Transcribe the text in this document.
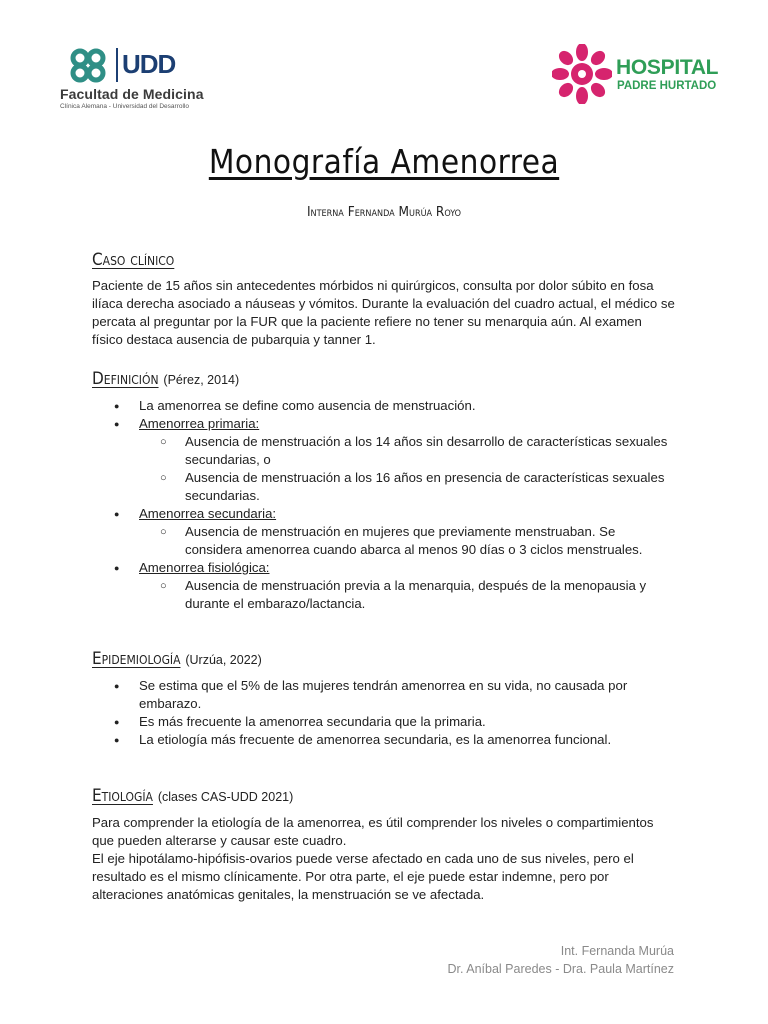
UDD
Facultad de Medicina
Clínica Alemana - Universidad del Desarrollo
HOSPITAL
PADRE HURTADO
Monografía Amenorrea
Interna Fernanda Murúa Royo
Caso clínico
Paciente de 15 años sin antecedentes mórbidos ni quirúrgicos, consulta por dolor súbito en fosa ilíaca derecha asociado a náuseas y vómitos. Durante la evaluación del cuadro actual, el médico se percata al preguntar por la FUR que la paciente refiere no tener su menarquia aún. Al examen físico destaca ausencia de pubarquia y tanner 1.
Definición (Pérez, 2014)
● La amenorrea se define como ausencia de menstruación.
● Amenorrea primaria:
○ Ausencia de menstruación a los 14 años sin desarrollo de características sexuales secundarias, o
○ Ausencia de menstruación a los 16 años en presencia de características sexuales secundarias.
● Amenorrea secundaria:
○ Ausencia de menstruación en mujeres que previamente menstruaban. Se considera amenorrea cuando abarca al menos 90 días o 3 ciclos menstruales.
● Amenorrea fisiológica:
○ Ausencia de menstruación previa a la menarquia, después de la menopausia y durante el embarazo/lactancia.
Epidemiología (Urzúa, 2022)
● Se estima que el 5% de las mujeres tendrán amenorrea en su vida, no causada por embarazo.
● Es más frecuente la amenorrea secundaria que la primaria.
● La etiología más frecuente de amenorrea secundaria, es la amenorrea funcional.
Etiología (clases CAS-UDD 2021)
Para comprender la etiología de la amenorrea, es útil comprender los niveles o compartimientos que pueden alterarse y causar este cuadro.
El eje hipotálamo-hipófisis-ovarios puede verse afectado en cada uno de sus niveles, pero el resultado es el mismo clínicamente. Por otra parte, el eje puede estar indemne, pero por alteraciones anatómicas genitales, la menstruación se ve afectada.
Int. Fernanda Murúa
Dr. Aníbal Paredes - Dra. Paula Martínez
